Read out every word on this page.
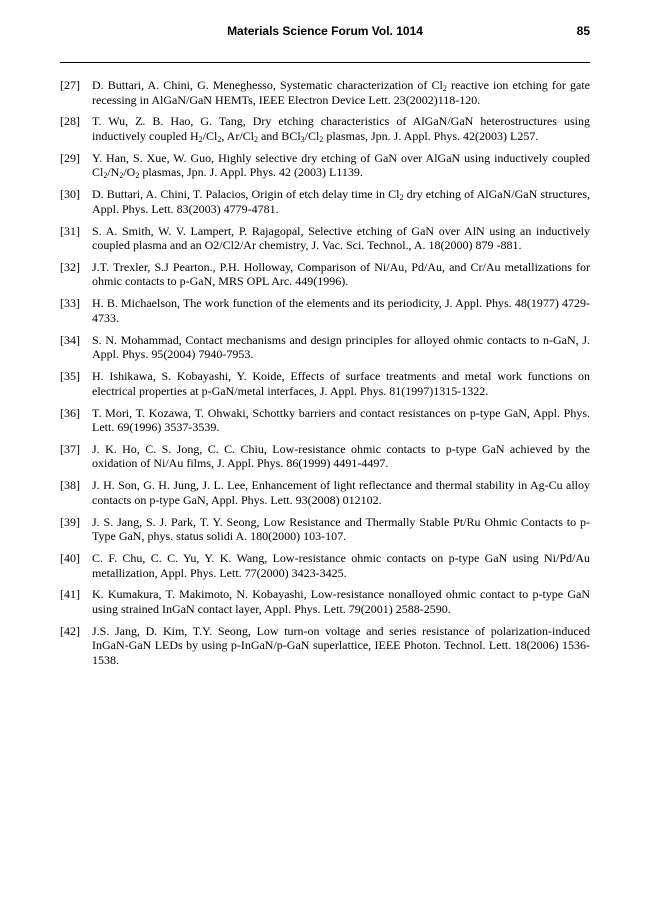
Materials Science Forum Vol. 1014	85
[27]	D. Buttari, A. Chini, G. Meneghesso, Systematic characterization of $Cl_2$ reactive ion etching for gate recessing in AlGaN/GaN HEMTs, IEEE Electron Device Lett. 23(2002)118-120.
[28]	T. Wu, Z. B. Hao, G. Tang, Dry etching characteristics of AlGaN/GaN heterostructures using inductively coupled $H_2/Cl_2$, $Ar/Cl_2$ and $BCl_3/Cl_2$ plasmas, Jpn. J. Appl. Phys. 42(2003) L257.
[29]	Y. Han, S. Xue, W. Guo, Highly selective dry etching of GaN over AlGaN using inductively coupled $Cl_2/N_2/O_2$ plasmas, Jpn. J. Appl. Phys. 42 (2003) L1139.
[30]	D. Buttari, A. Chini, T. Palacios, Origin of etch delay time in $Cl_2$ dry etching of AlGaN/GaN structures, Appl. Phys. Lett. 83(2003) 4779-4781.
[31]	S. A. Smith, W. V. Lampert, P. Rajagopal, Selective etching of GaN over AlN using an inductively coupled plasma and an O2/Cl2/Ar chemistry, J. Vac. Sci. Technol., A. 18(2000) 879 -881.
[32]	J.T. Trexler, S.J Pearton., P.H. Holloway, Comparison of Ni/Au, Pd/Au, and Cr/Au metallizations for ohmic contacts to p-GaN, MRS OPL Arc. 449(1996).
[33]	H. B. Michaelson, The work function of the elements and its periodicity, J. Appl. Phys. 48(1977) 4729-4733.
[34]	S. N. Mohammad, Contact mechanisms and design principles for alloyed ohmic contacts to n-GaN, J. Appl. Phys. 95(2004) 7940-7953.
[35]	H. Ishikawa, S. Kobayashi, Y. Koide, Effects of surface treatments and metal work functions on electrical properties at p-GaN/metal interfaces, J. Appl. Phys. 81(1997)1315-1322.
[36]	T. Mori, T. Kozawa, T. Ohwaki, Schottky barriers and contact resistances on p-type GaN, Appl. Phys. Lett. 69(1996) 3537-3539.
[37]	J. K. Ho, C. S. Jong, C. C. Chiu, Low-resistance ohmic contacts to p-type GaN achieved by the oxidation of Ni/Au films, J. Appl. Phys. 86(1999) 4491-4497.
[38]	J. H. Son, G. H. Jung, J. L. Lee, Enhancement of light reflectance and thermal stability in Ag-Cu alloy contacts on p-type GaN, Appl. Phys. Lett. 93(2008) 012102.
[39]	J. S. Jang, S. J. Park, T. Y. Seong, Low Resistance and Thermally Stable Pt/Ru Ohmic Contacts to p-Type GaN, phys. status solidi A. 180(2000) 103-107.
[40]	C. F. Chu, C. C. Yu, Y. K. Wang, Low-resistance ohmic contacts on p-type GaN using Ni/Pd/Au metallization, Appl. Phys. Lett. 77(2000) 3423-3425.
[41]	K. Kumakura, T. Makimoto, N. Kobayashi, Low-resistance nonalloyed ohmic contact to p-type GaN using strained InGaN contact layer, Appl. Phys. Lett. 79(2001) 2588-2590.
[42]	J.S. Jang, D. Kim, T.Y. Seong, Low turn-on voltage and series resistance of polarization-induced InGaN-GaN LEDs by using p-InGaN/p-GaN superlattice, IEEE Photon. Technol. Lett. 18(2006) 1536-1538.
